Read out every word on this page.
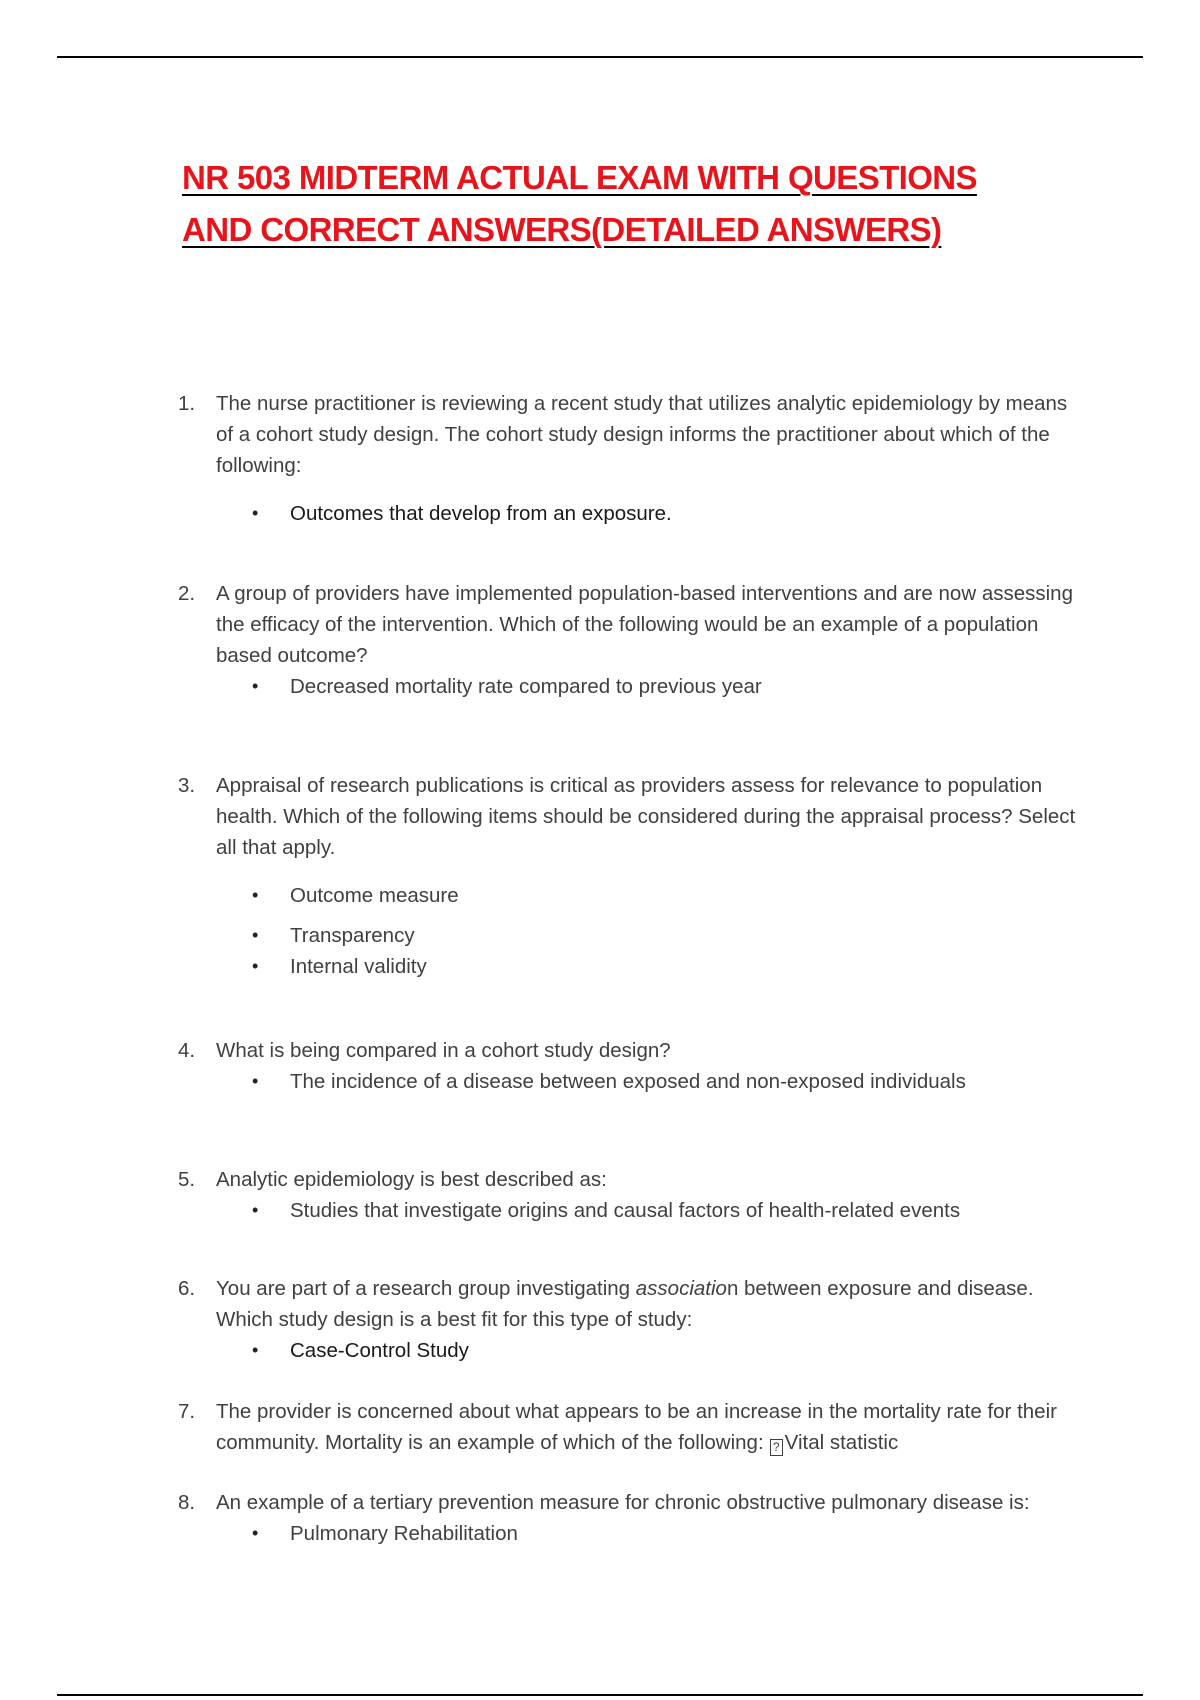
NR 503 MIDTERM ACTUAL EXAM WITH QUESTIONS
AND CORRECT ANSWERS(DETAILED ANSWERS)
1.	The nurse practitioner is reviewing a recent study that utilizes analytic epidemiology by means of a cohort study design. The cohort study design informs the practitioner about which of the following:
• Outcomes that develop from an exposure.
2.	A group of providers have implemented population-based interventions and are now assessing the efficacy of the intervention. Which of the following would be an example of a population based outcome?
• Decreased mortality rate compared to previous year
3.	Appraisal of research publications is critical as providers assess for relevance to population health. Which of the following items should be considered during the appraisal process? Select all that apply.
• Outcome measure
• Transparency
• Internal validity
4.	What is being compared in a cohort study design?
• The incidence of a disease between exposed and non-exposed individuals
5.	Analytic epidemiology is best described as:
• Studies that investigate origins and causal factors of health-related events
6.	You are part of a research group investigating association between exposure and disease. Which study design is a best fit for this type of study:
• Case-Control Study
7.	The provider is concerned about what appears to be an increase in the mortality rate for their community. Mortality is an example of which of the following: ? Vital statistic
8.	An example of a tertiary prevention measure for chronic obstructive pulmonary disease is:
• Pulmonary Rehabilitation
